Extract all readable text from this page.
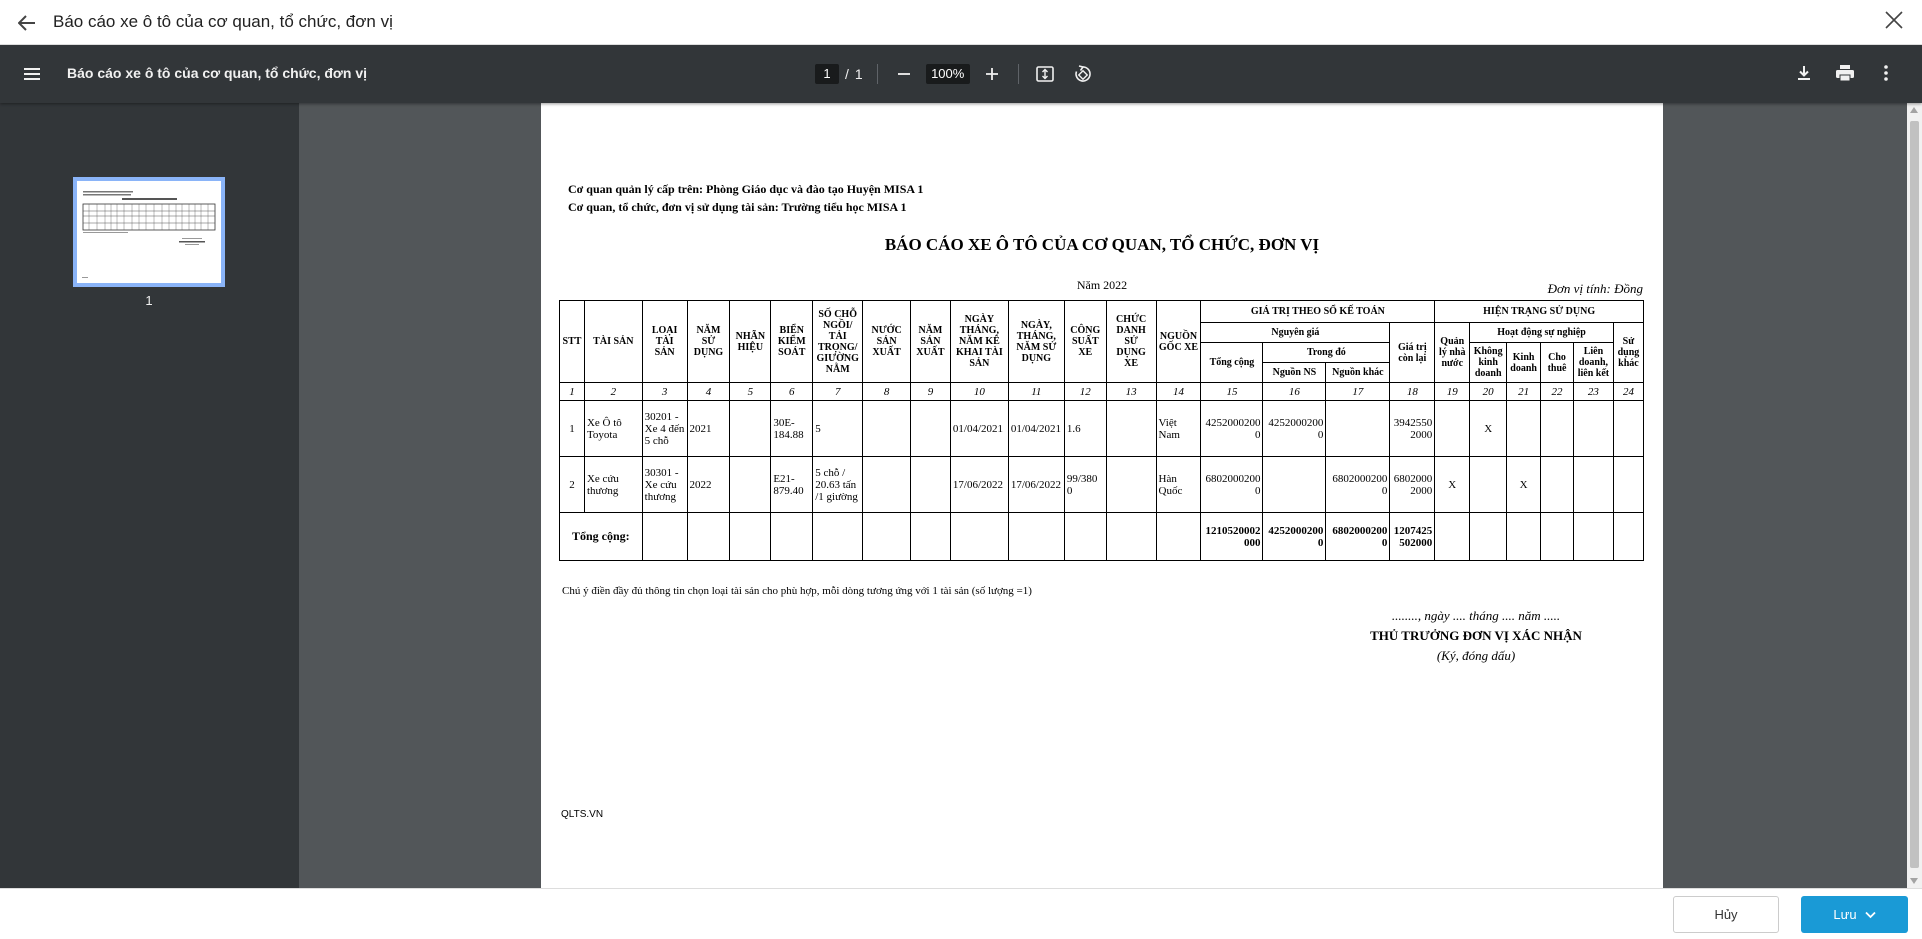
Báo cáo xe ô tô của cơ quan, tổ chức, đơn vị
Báo cáo xe ô tô của cơ quan, tổ chức, đơn vị	1	/ 1	100%
1
Cơ quan quản lý cấp trên: Phòng Giáo dục và đào tạo Huyện MISA 1
Cơ quan, tổ chức, đơn vị sử dụng tài sản: Trường tiểu học MISA 1
BÁO CÁO XE Ô TÔ CỦA CƠ QUAN, TỔ CHỨC, ĐƠN VỊ
Năm 2022	Đơn vị tính: Đồng
STT	TÀI SẢN	LOẠI TÀI SẢN	NĂM SỬ DỤNG	NHÃN HIỆU	BIỂN KIỂM SOÁT	SỐ CHỖ NGỒI/ TẢI TRỌNG/ GIƯỜNG NẰM	NƯỚC SẢN XUẤT	NĂM SẢN XUẤT	NGÀY THÁNG, NĂM KÊ KHAI TÀI SẢN	NGÀY, THÁNG, NĂM SỬ DỤNG	CÔNG SUẤT XE	CHỨC DANH SỬ DỤNG XE	NGUỒN GỐC XE	GIÁ TRỊ THEO SỔ KẾ TOÁN				HIỆN TRẠNG SỬ DỤNG					
														Nguyên giá			Giá trị còn lại	Quản lý nhà nước	Hoạt động sự nghiệp				Sử dụng khác
														Tổng cộng	Trong đó				Không kinh doanh	Kinh doanh	Cho thuê	Liên doanh, liên kết	
															Nguồn NS	Nguồn khác							
1	2	3	4	5	6	7	8	9	10	11	12	13	14	15	16	17	18	19	20	21	22	23	24
1	Xe Ô tô Toyota	30201 - Xe 4 đến 5 chỗ	2021		30E-184.88	5			01/04/2021	01/04/2021	1.6		Việt Nam	4252000200 0	4252000200 0		3942550 2000		X				
2	Xe cứu thương	30301 - Xe cứu thương	2022		E21-879.40	5 chỗ / 20.63 tấn /1 giường			17/06/2022	17/06/2022	99/380 0		Hàn Quốc	6802000200 0		6802000200 0	6802000 2000	X		X			
Tổng cộng:														1210520002 000	4252000200 0	6802000200 0	1207425 502000						
Chú ý điền đầy đủ thông tin chọn loại tài sản cho phù hợp, mỗi dòng tương ứng với 1 tài sản (số lượng =1)
........, ngày .... tháng .... năm .....
THỦ TRƯỞNG ĐƠN VỊ XÁC NHẬN
(Ký, đóng dấu)
QLTS.VN
Hủy	Lưu
